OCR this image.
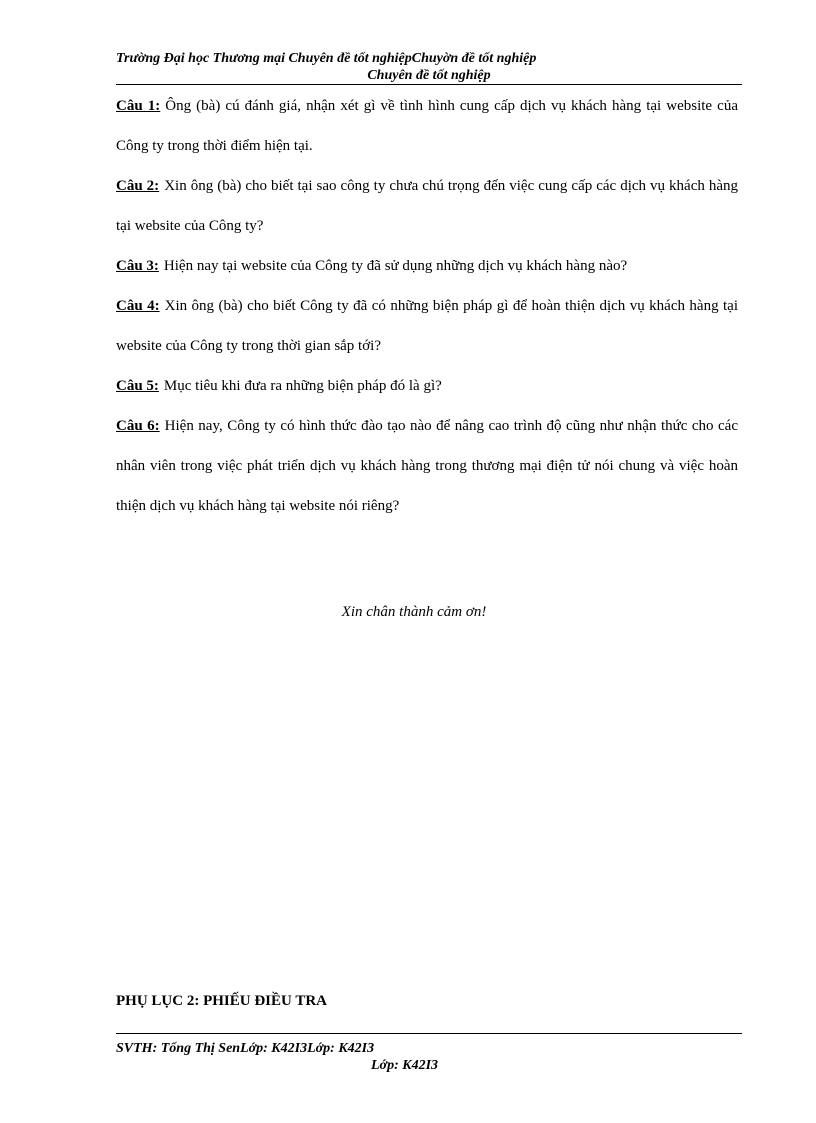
Trường Đại học Thương mại Chuyên đề tốt nghiệpChuyờn đề tốt nghiệp
Chuyên đề tốt nghiệp

Câu 1: Ông (bà) cú đánh giá, nhận xét gì về tình hình cung cấp dịch vụ khách hàng tại website của Công ty trong thời điểm hiện tại.

Câu 2: Xin ông (bà) cho biết tại sao công ty chưa chú trọng đến việc cung cấp các dịch vụ khách hàng tại website của Công ty?

Câu 3: Hiện nay tại website của Công ty đã sử dụng những dịch vụ khách hàng nào?

Câu 4: Xin ông (bà) cho biết Công ty đã có những biện pháp gì để hoàn thiện dịch vụ khách hàng tại website của Công ty trong thời gian sắp tới?

Câu 5: Mục tiêu khi đưa ra những biện pháp đó là gì?

Câu 6: Hiện nay, Công ty có hình thức đào tạo nào để nâng cao trình độ cũng như nhận thức cho các nhân viên trong việc phát triển dịch vụ khách hàng trong thương mại điện tử nói chung và việc hoàn thiện dịch vụ khách hàng tại website nói riêng?

Xin chân thành cảm ơn!
PHỤ LỤC 2: PHIẾU ĐIỀU TRA
SVTH: Tống Thị SenLớp: K42I3Lớp: K42I3
Lớp: K42I3
